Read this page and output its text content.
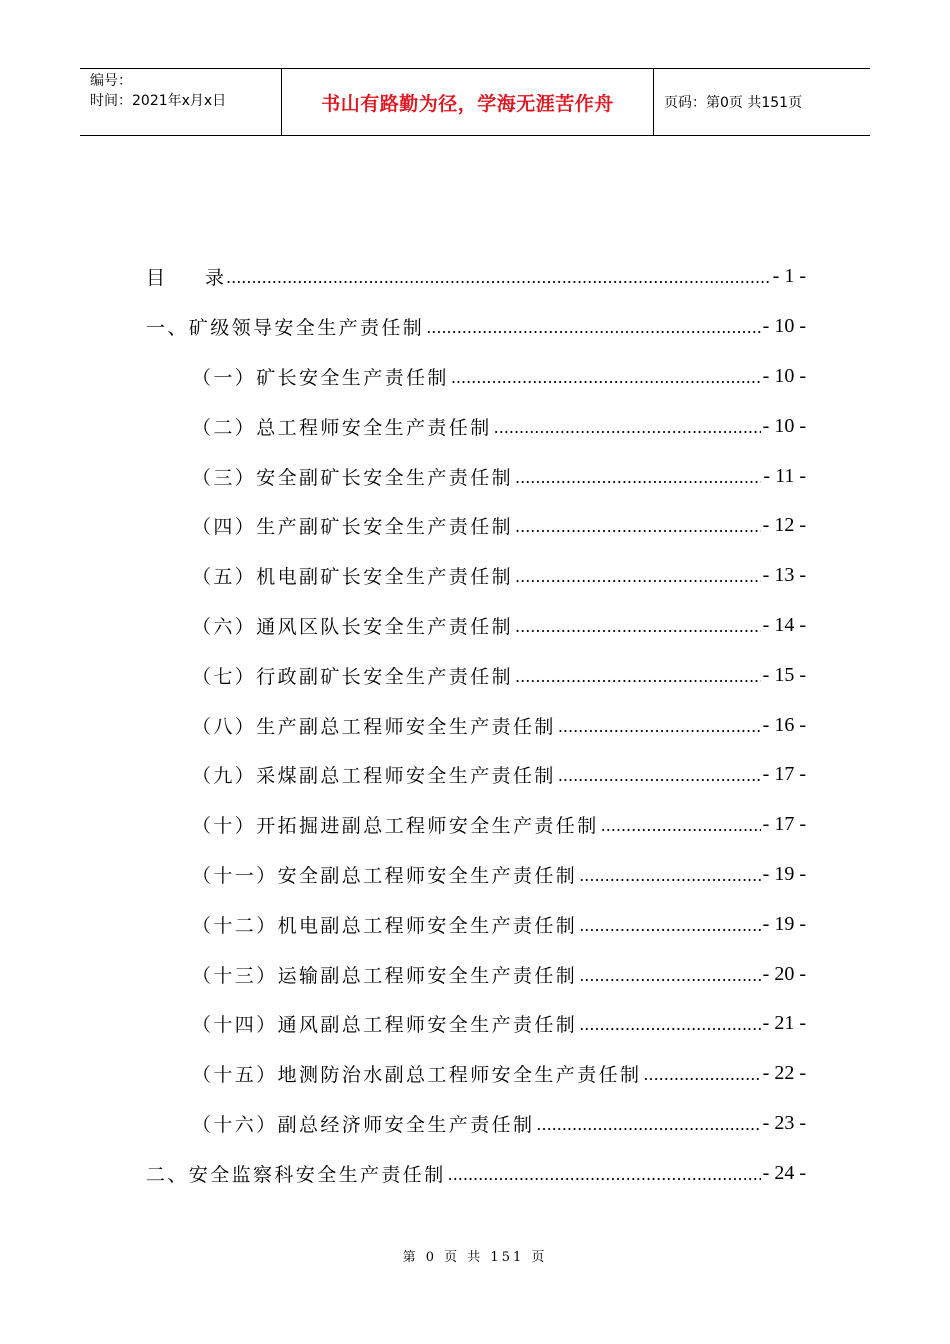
编号：
时间：2021年x月x日	书山有路勤为径，学海无涯苦作舟	页码：第0页 共151页
目 录 .....	- 1 -
一、矿级领导安全生产责任制 .....	- 10 -
（一）矿长安全生产责任制 .....	- 10 -
（二）总工程师安全生产责任制 .....	- 10 -
（三）安全副矿长安全生产责任制 .....	- 11 -
（四）生产副矿长安全生产责任制 .....	- 12 -
（五）机电副矿长安全生产责任制 .....	- 13 -
（六）通风区队长安全生产责任制 .....	- 14 -
（七）行政副矿长安全生产责任制 .....	- 15 -
（八）生产副总工程师安全生产责任制 .....	- 16 -
（九）采煤副总工程师安全生产责任制 .....	- 17 -
（十）开拓掘进副总工程师安全生产责任制 .....	- 17 -
（十一）安全副总工程师安全生产责任制 .....	- 19 -
（十二）机电副总工程师安全生产责任制 .....	- 19 -
（十三）运输副总工程师安全生产责任制 .....	- 20 -
（十四）通风副总工程师安全生产责任制 .....	- 21 -
（十五）地测防治水副总工程师安全生产责任制 .....	- 22 -
（十六）副总经济师安全生产责任制 .....	- 23 -
二、安全监察科安全生产责任制 .....	- 24 -
第 0 页 共 151 页
